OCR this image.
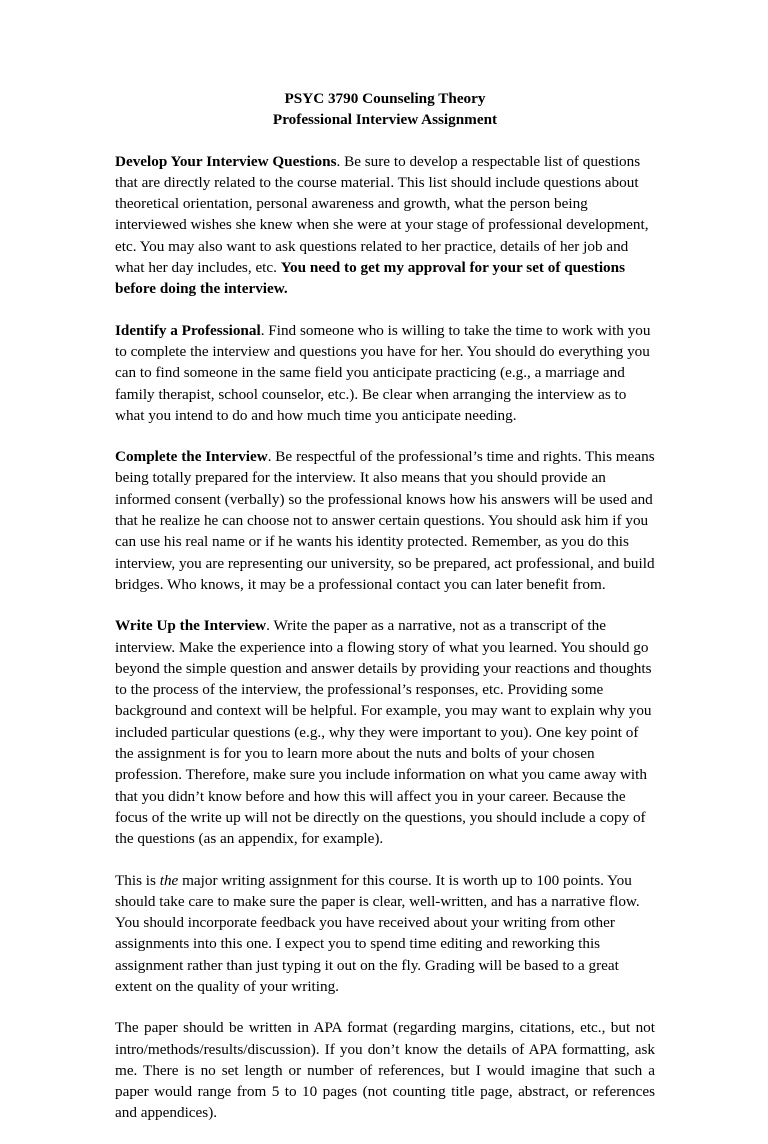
PSYC 3790 Counseling Theory

Professional Interview Assignment

Develop Your Interview Questions. Be sure to develop a respectable list of questions that are directly related to the course material. This list should include questions about theoretical orientation, personal awareness and growth, what the person being interviewed wishes she knew when she were at your stage of professional development, etc. You may also want to ask questions related to her practice, details of her job and what her day includes, etc. You need to get my approval for your set of questions before doing the interview.

Identify a Professional. Find someone who is willing to take the time to work with you to complete the interview and questions you have for her. You should do everything you can to find someone in the same field you anticipate practicing (e.g., a marriage and family therapist, school counselor, etc.). Be clear when arranging the interview as to what you intend to do and how much time you anticipate needing.

Complete the Interview. Be respectful of the professional’s time and rights. This means being totally prepared for the interview. It also means that you should provide an informed consent (verbally) so the professional knows how his answers will be used and that he realize he can choose not to answer certain questions. You should ask him if you can use his real name or if he wants his identity protected. Remember, as you do this interview, you are representing our university, so be prepared, act professional, and build bridges. Who knows, it may be a professional contact you can later benefit from.

Write Up the Interview. Write the paper as a narrative, not as a transcript of the interview. Make the experience into a flowing story of what you learned. You should go beyond the simple question and answer details by providing your reactions and thoughts to the process of the interview, the professional’s responses, etc. Providing some background and context will be helpful. For example, you may want to explain why you included particular questions (e.g., why they were important to you). One key point of the assignment is for you to learn more about the nuts and bolts of your chosen profession. Therefore, make sure you include information on what you came away with that you didn’t know before and how this will affect you in your career. Because the focus of the write up will not be directly on the questions, you should include a copy of the questions (as an appendix, for example).

This is the major writing assignment for this course. It is worth up to 100 points. You should take care to make sure the paper is clear, well-written, and has a narrative flow. You should incorporate feedback you have received about your writing from other assignments into this one. I expect you to spend time editing and reworking this assignment rather than just typing it out on the fly. Grading will be based to a great extent on the quality of your writing.

The paper should be written in APA format (regarding margins, citations, etc., but not intro/methods/results/discussion). If you don’t know the details of APA formatting, ask me. There is no set length or number of references, but I would imagine that such a paper would range from 5 to 10 pages (not counting title page, abstract, or references and appendices).
